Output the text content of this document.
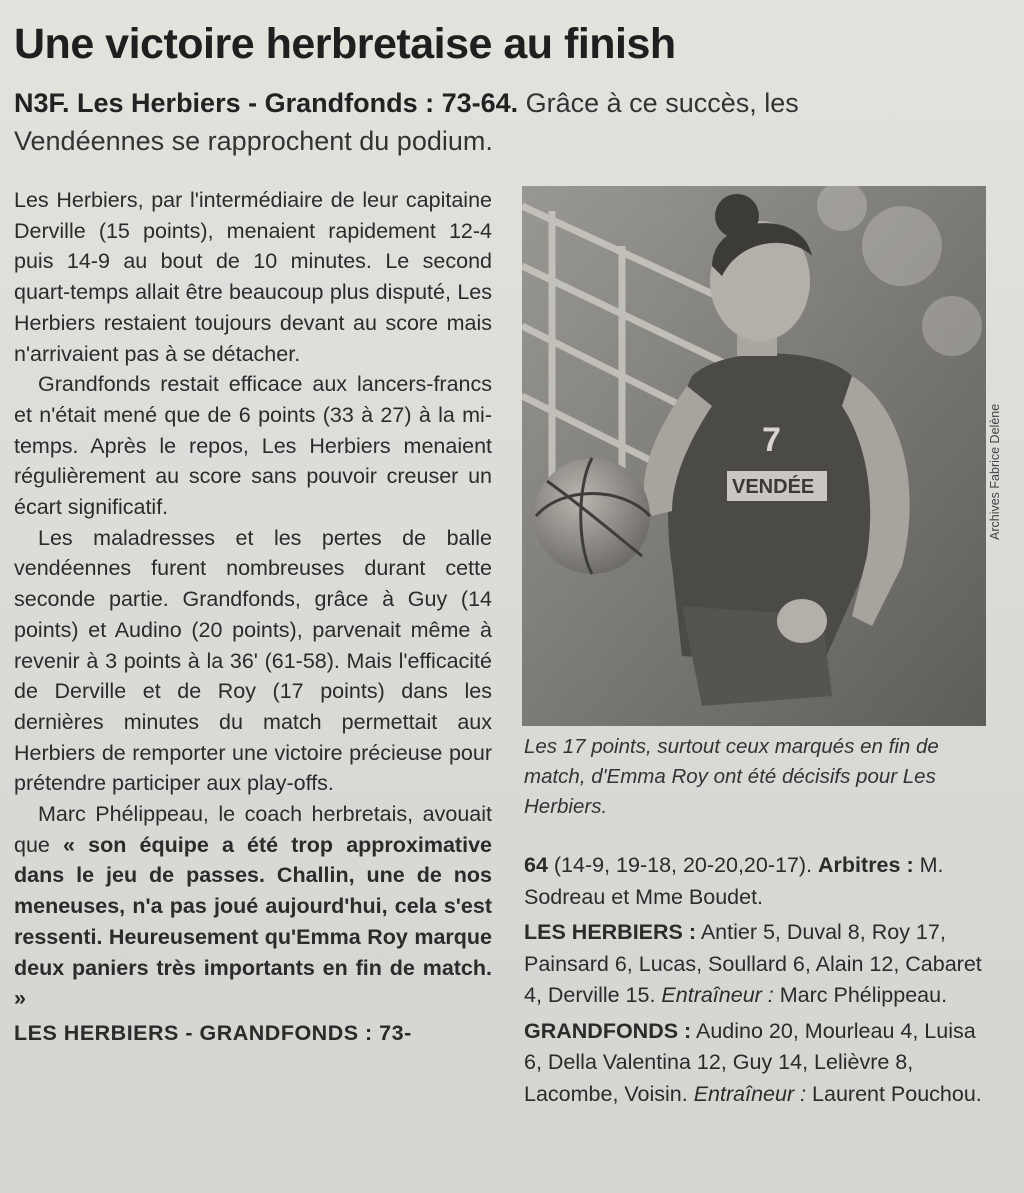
Une victoire herbretaise au finish

N3F. Les Herbiers - Grandfonds : 73-64. Grâce à ce succès, les Vendéennes se rapprochent du podium.

Les Herbiers, par l'intermédiaire de leur capitaine Derville (15 points), menaient rapidement 12-4 puis 14-9 au bout de 10 minutes. Le second quart-temps allait être beaucoup plus disputé, Les Herbiers restaient toujours devant au score mais n'arrivaient pas à se détacher.

Grandfonds restait efficace aux lancers-francs et n'était mené que de 6 points (33 à 27) à la mi-temps. Après le repos, Les Herbiers menaient régulièrement au score sans pouvoir creuser un écart significatif.

Les maladresses et les pertes de balle vendéennes furent nombreuses durant cette seconde partie. Grandfonds, grâce à Guy (14 points) et Audino (20 points), parvenait même à revenir à 3 points à la 36' (61-58). Mais l'efficacité de Derville et de Roy (17 points) dans les dernières minutes du match permettait aux Herbiers de remporter une victoire précieuse pour prétendre participer aux play-offs.

Marc Phélippeau, le coach herbretais, avouait que « son équipe a été trop approximative dans le jeu de passes. Challin, une de nos meneuses, n'a pas joué aujourd'hui, cela s'est ressenti. Heureusement qu'Emma Roy marque deux paniers très importants en fin de match. »

LES HERBIERS - GRANDFONDS : 73-

7
VENDÉE	Archives Fabrice Delène
Les 17 points, surtout ceux marqués en fin de match, d'Emma Roy ont été décisifs pour Les Herbiers.

64 (14-9, 19-18, 20-20,20-17). Arbitres : M. Sodreau et Mme Boudet.

LES HERBIERS : Antier 5, Duval 8, Roy 17, Painsard 6, Lucas, Soullard 6, Alain 12, Cabaret 4, Derville 15. Entraîneur : Marc Phélippeau.

GRANDFONDS : Audino 20, Mourleau 4, Luisa 6, Della Valentina 12, Guy 14, Lelièvre 8, Lacombe, Voisin. Entraîneur : Laurent Pouchou.
